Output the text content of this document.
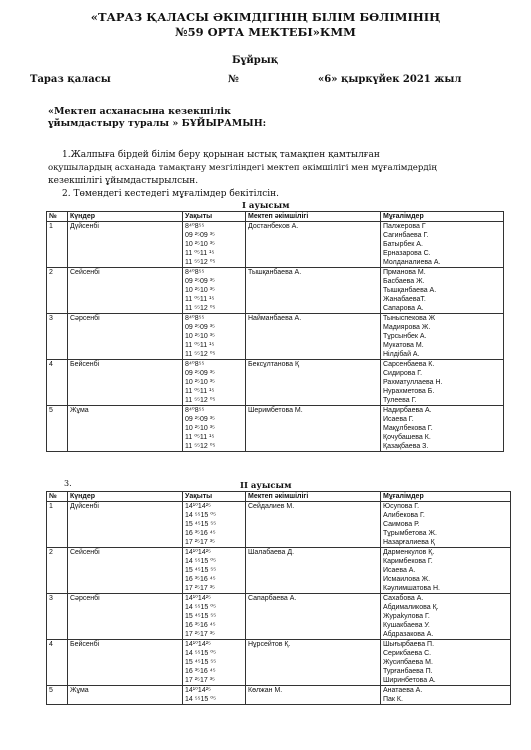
«ТАРАЗ ҚАЛАСЫ ӘКІМДІГІНІҢ БІЛІМ БӨЛІМІНІҢ
№59 ОРТА МЕКТЕБІ»КММ
Бұйрық
Тараз қаласы	№	«6» қыркүйек 2021 жыл
«Мектеп асханасына кезекшілік
ұйымдастыру туралы » БҰЙЫРАМЫН:
1.Жалпыға бірдей білім беру қорынан ыстық тамақпен қамтылған
оқушылардың асханада тамақтану мезгіліндегі мектеп әкімшілігі мен мұғалімдердің
кезекшілігі ұйымдастырылсын.
2. Төмендегі кестедегі мұғалімдер бекітілсін.
I ауысым
№	Күндер	Уақыты	Мектеп әкімшілігі	Мұғалімдер
1	Дүйсенбі	8⁴⁰8⁵⁵
09 ²⁵09 ³⁵
10 ²⁵10 ³⁵
11 ⁰⁵11 ¹⁵
11 ⁵⁵12 ⁰⁵	Достанбеков А.	Палжерова Г
Сагинбаева Г.
Батырбек А.
Ерназарова С.
Молданалиева А.

2	Сейсенбі	8⁴⁰8⁵⁵
09 ²⁵09 ³⁵
10 ²⁵10 ³⁵
11 ⁰⁵11 ¹⁵
11 ⁵⁵12 ⁰⁵	Тышқанбаева А.	Прманова М.
Басбаева Ж.
Тышқанбаева А.
ЖанабаеваТ.
Сапарова А.

3	Сәрсенбі	8⁴⁰8⁵⁵
09 ²⁵09 ³⁵
10 ²⁵10 ³⁵
11 ⁰⁵11 ¹⁵
11 ⁵⁵12 ⁰⁵	Найманбаева А.	Тыныспекова Ж
Мадиярова Ж.
Тұрсынбек А.
Мукатова М.
Нілдібай А.

4	Бейсенбі	8⁴⁰8⁵⁵
09 ²⁵09 ³⁵
10 ²⁵10 ³⁵
11 ⁰⁵11 ¹⁵
11 ⁵⁵12 ⁰⁵	Бексұлтанова Қ	Сарсенбаева К.
Сидирова Г.
Рахматуллаева Н.
Нурахметова Б.
Тулеева Г.

5	Жұма	8⁴⁰8⁵⁵
09 ²⁵09 ³⁵
10 ²⁵10 ³⁵
11 ⁰⁵11 ¹⁵
11 ⁵⁵12 ⁰⁵	Шеримбетова М.	Надирбаева А.
Исаева Г.
Мақұлбекова Г.
Қочубашева К.
Қазақбаева З.
3.	II ауысым
№	Күндер	Уақыты	Мектеп әкімшілігі	Мұғалімдер
1	Дүйсенбі	14¹⁰14²⁵
14 ⁵⁵15 ⁰⁵
15 ⁴⁵15 ⁵⁵
16 ³⁵16 ⁴⁵
17 ²⁵17 ³⁵	Сейдалиев М.	Юсупова Г.
Алибекова Г.
Саимова Р.
Тұрымбетова Ж.
Назарғалиева Қ

2	Сейсенбі	14¹⁰14²⁵
14 ⁵⁵15 ⁰⁵
15 ⁴⁵15 ⁵⁵
16 ³⁵16 ⁴⁵
17 ²⁵17 ³⁵	Шалабаева Д.	Дарменкулов Қ.
Каримбекова Г.
Исаева А.
Исмаилова Ж.
Кәулимшатова Н.

3	Сәрсенбі	14¹⁰14²⁵
14 ⁵⁵15 ⁰⁵
15 ⁴⁵15 ⁵⁵
16 ³⁵16 ⁴⁵
17 ²⁵17 ³⁵	Сапарбаева А.	Сахабова А.
Абдималикова Қ.
Жураkулова Г.
Кушакбаева У.
Абдразакова А.

4	Бейсенбі	14¹⁰14²⁵
14 ⁵⁵15 ⁰⁵
15 ⁴⁵15 ⁵⁵
16 ³⁵16 ⁴⁵
17 ²⁵17 ³⁵	Нұрсейтов Қ.	Шығырбаева П.
Серикбаева С.
Жусипбаева М.
Турғанбаева П.
Ширинбетова А.

5	Жұма	14¹⁰14²⁵
14 ⁵⁵15 ⁰⁵	Көлжан М.	Анатаева А.
Пак К.
